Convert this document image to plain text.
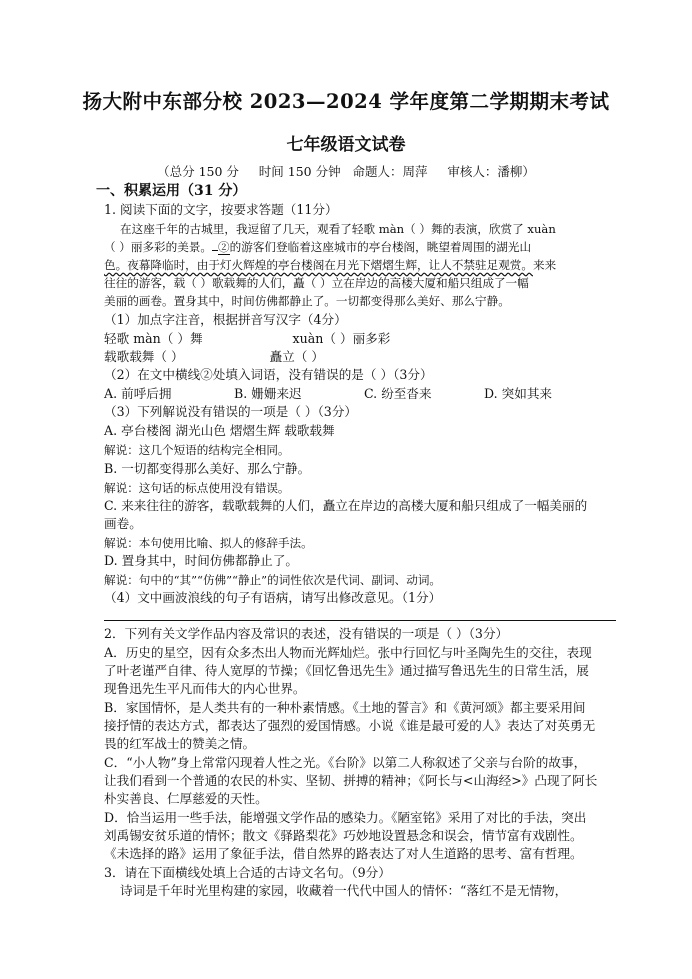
扬大附中东部分校 2023—2024 学年度第二学期期末考试
七年级语文试卷
（总分 150 分     时间 150 分钟   命题人：周萍     审核人：潘柳）
一、积累运用（31 分）
1. 阅读下面的文字，按要求答题（11分）
在这座千年的古城里，我逗留了几天，观看了轻歌 màn（ ）舞的表演，欣赏了 xuàn
（ ）丽多彩的美景。 ②的游客们登临着这座城市的亭台楼阁，眺望着周围的湖光山
色。夜幕降临时，由于灯火辉煌的亭台楼阁在月光下熠熠生辉，让人不禁驻足观赏。来来
往往的游客，载（ ）歌载舞的人们，矗（ ）立在岸边的高楼大厦和船只组成了一幅
美丽的画卷。置身其中，时间仿佛都静止了。一切都变得那么美好、那么宁静。
（1）加点字注音，根据拼音写汉字（4分）
轻歌 màn（ ）舞	xuàn（ ）丽多彩
载歌载舞（ ）	矗立（ ）
（2）在文中横线②处填入词语，没有错误的是（ ）（3分）
A. 前呼后拥	B. 姗姗来迟	C. 纷至沓来	D. 突如其来
（3）下列解说没有错误的一项是（ ）（3分）
A. 亭台楼阁 湖光山色 熠熠生辉 载歌载舞
解说：这几个短语的结构完全相同。
B. 一切都变得那么美好、那么宁静。
解说：这句话的标点使用没有错误。
C. 来来往往的游客，载歌载舞的人们，矗立在岸边的高楼大厦和船只组成了一幅美丽的
画卷。
解说：本句使用比喻、拟人的修辞手法。
D. 置身其中，时间仿佛都静止了。
解说：句中的“其”“仿佛”“静止”的词性依次是代词、副词、动词。
（4）文中画波浪线的句子有语病，请写出修改意见。（1分）
2．下列有关文学作品内容及常识的表述，没有错误的一项是（ ）（3分）
A．历史的星空，因有众多杰出人物而光辉灿烂。张中行回忆与叶圣陶先生的交往，表现
了叶老谨严自律、待人宽厚的节操；《回忆鲁迅先生》通过描写鲁迅先生的日常生活，展
现鲁迅先生平凡而伟大的内心世界。
B．家国情怀，是人类共有的一种朴素情感。《土地的誓言》和《黄河颂》都主要采用间
接抒情的表达方式，都表达了强烈的爱国情感。小说《谁是最可爱的人》表达了对英勇无
畏的红军战士的赞美之情。
C．“小人物”身上常常闪现着人性之光。《台阶》以第二人称叙述了父亲与台阶的故事，
让我们看到一个普通的农民的朴实、坚韧、拼搏的精神；《阿长与<山海经>》凸现了阿长
朴实善良、仁厚慈爱的天性。
D．恰当运用一些手法，能增强文学作品的感染力。《陋室铭》采用了对比的手法，突出
刘禹锡安贫乐道的情怀；散文《驿路梨花》巧妙地设置悬念和误会，情节富有戏剧性。
《未选择的路》运用了象征手法，借自然界的路表达了对人生道路的思考、富有哲理。
3．请在下面横线处填上合适的古诗文名句。（9分）
诗词是千年时光里构建的家园，收藏着一代代中国人的情怀：“落红不是无情物，
